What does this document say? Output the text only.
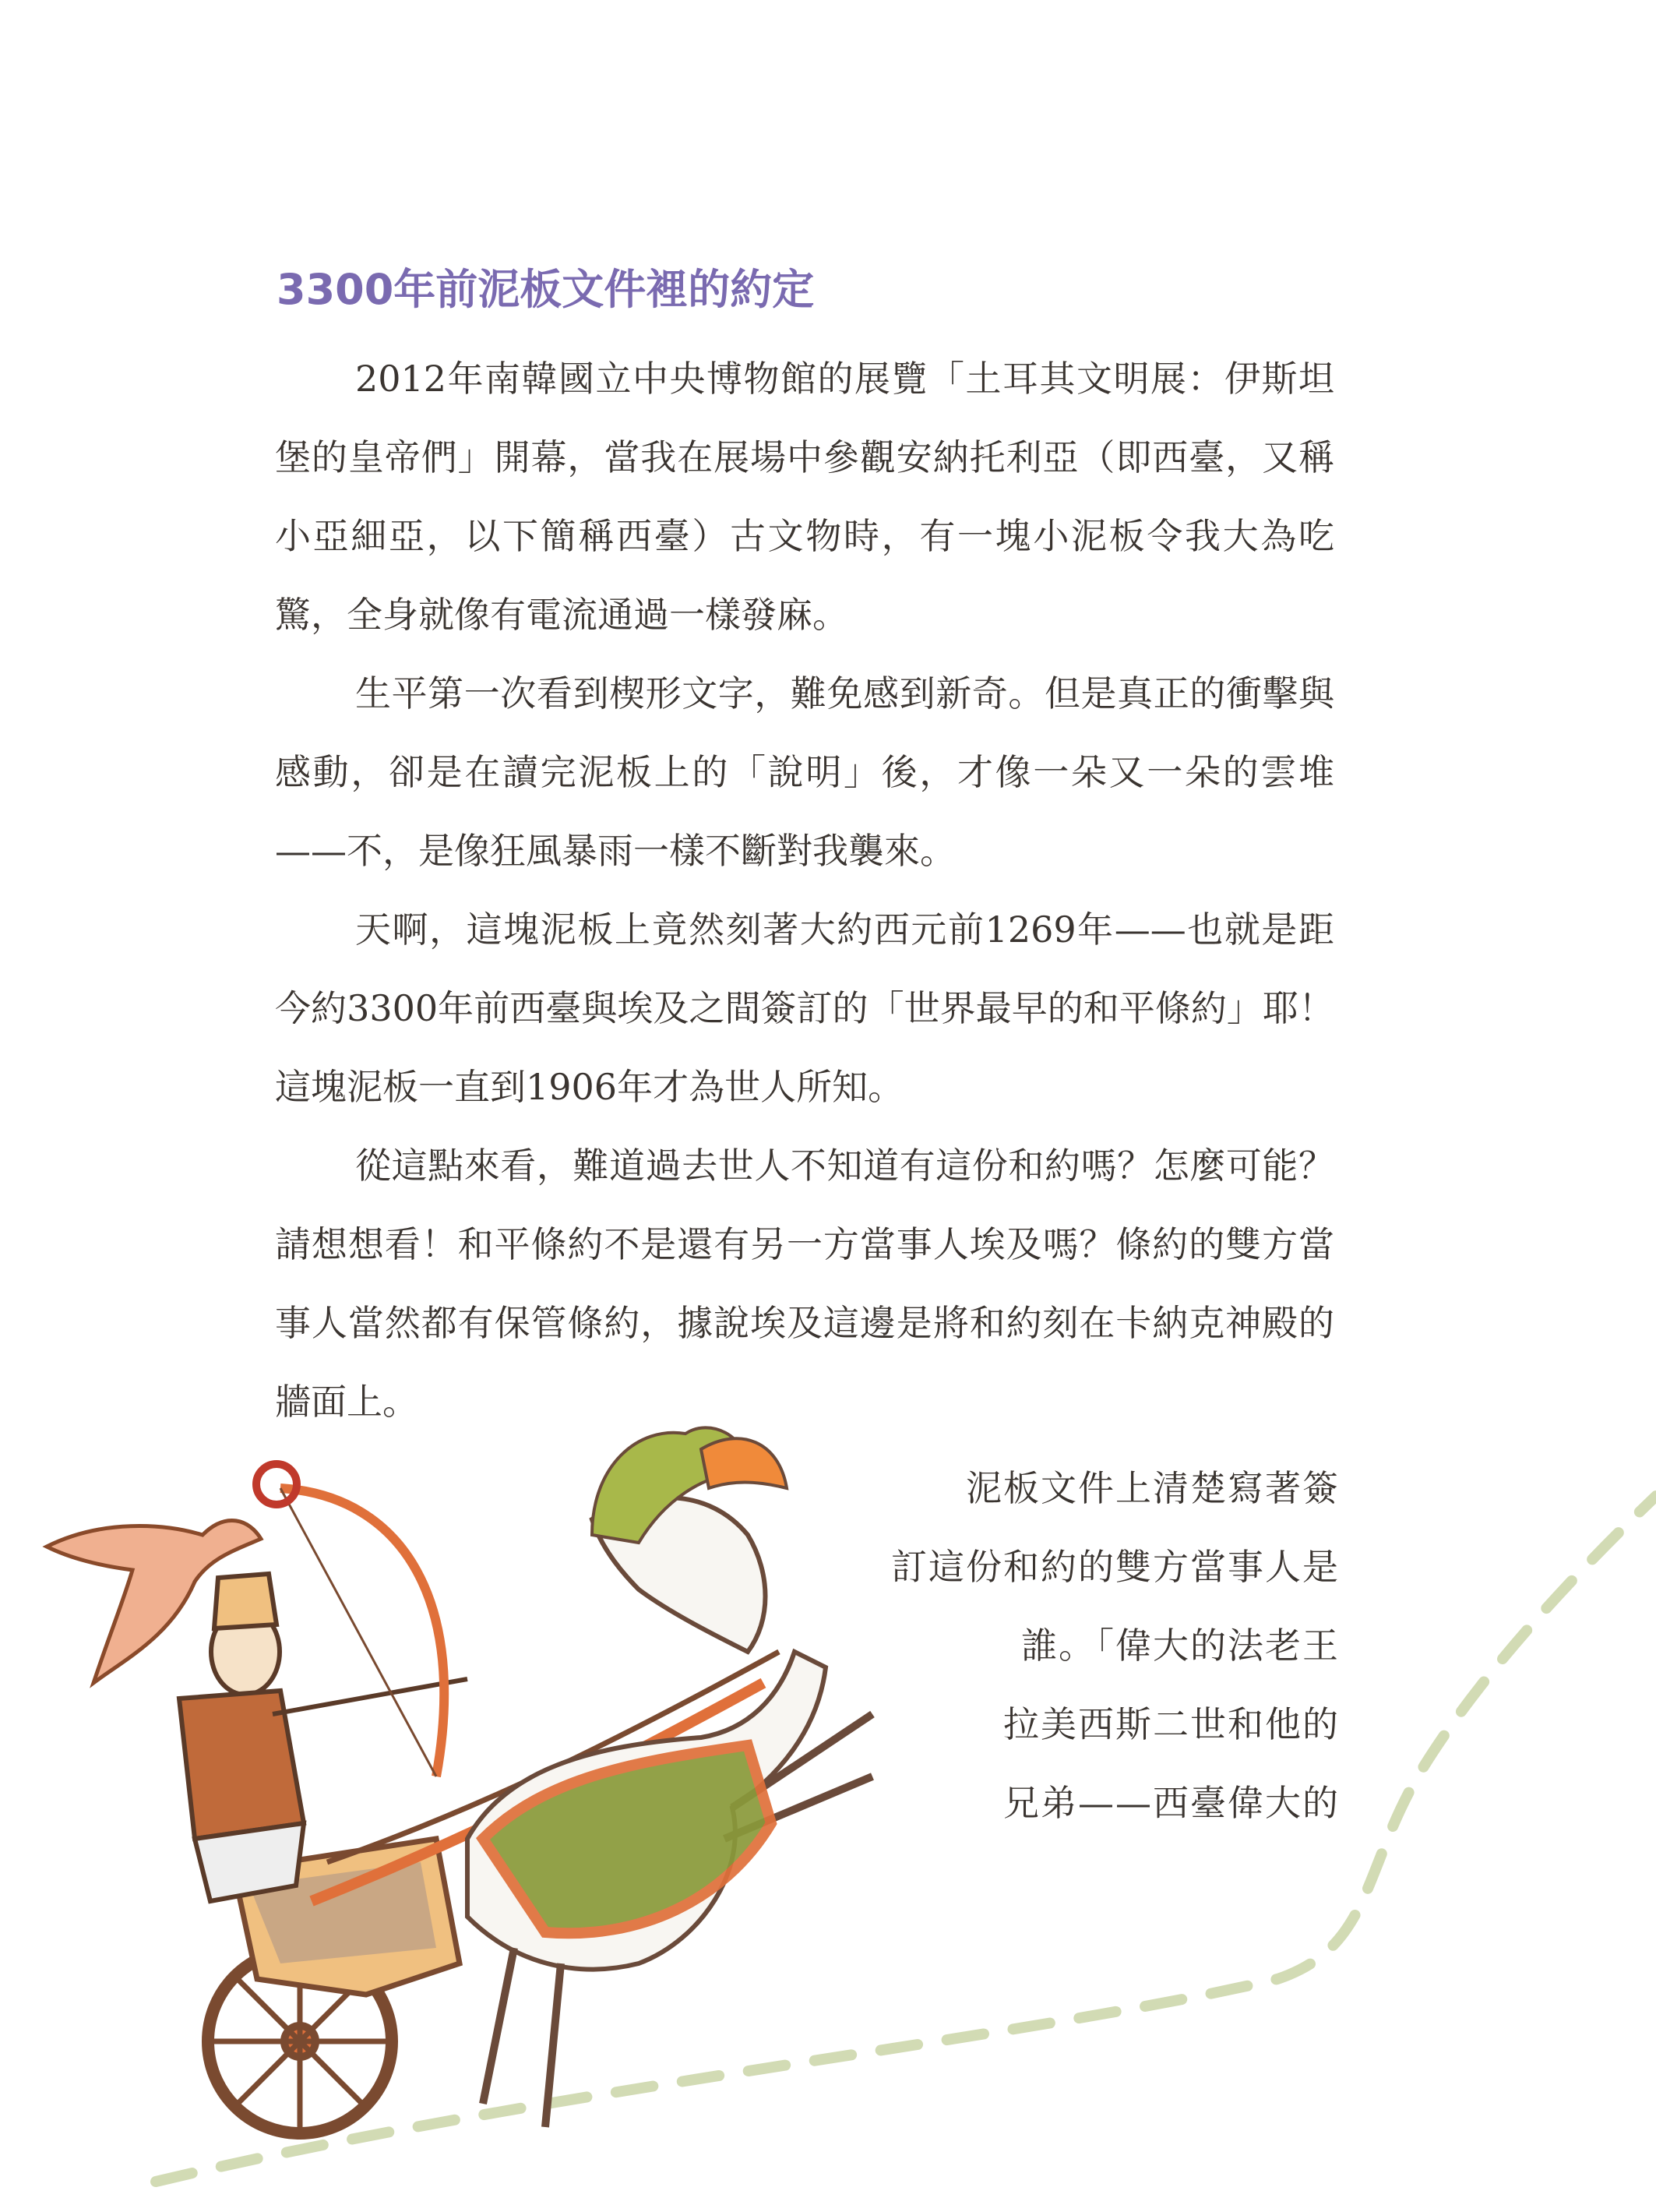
3300年前泥板文件裡的約定

2012年南韓國立中央博物館的展覽「土耳其文明展：伊斯坦堡的皇帝們」開幕，當我在展場中參觀安納托利亞（即西臺，又稱小亞細亞，以下簡稱西臺）古文物時，有一塊小泥板令我大為吃驚，全身就像有電流通過一樣發麻。

生平第一次看到楔形文字，難免感到新奇。但是真正的衝擊與感動，卻是在讀完泥板上的「說明」後，才像一朵又一朵的雲堆——不，是像狂風暴雨一樣不斷對我襲來。

天啊，這塊泥板上竟然刻著大約西元前1269年——也就是距今約3300年前西臺與埃及之間簽訂的「世界最早的和平條約」耶！這塊泥板一直到1906年才為世人所知。

從這點來看，難道過去世人不知道有這份和約嗎？怎麼可能？請想想看！和平條約不是還有另一方當事人埃及嗎？條約的雙方當事人當然都有保管條約，據說埃及這邊是將和約刻在卡納克神殿的牆面上。

泥板文件上清楚寫著簽
訂這份和約的雙方當事人是
誰。「偉大的法老王
拉美西斯二世和他的
兄弟——西臺偉大的
